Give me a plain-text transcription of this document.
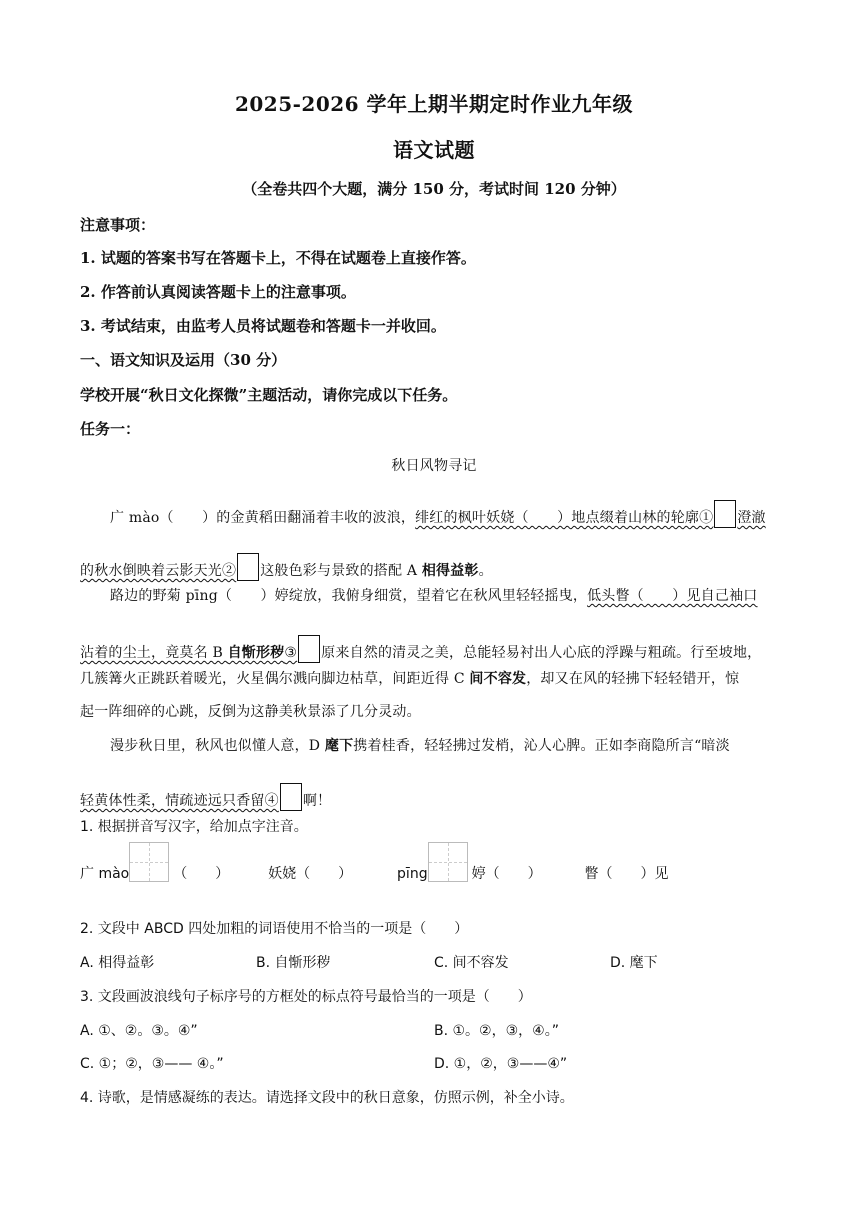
2025-2026 学年上期半期定时作业九年级
语文试题
（全卷共四个大题，满分 150 分，考试时间 120 分钟）
注意事项：
1. 试题的答案书写在答题卡上，不得在试题卷上直接作答。
2. 作答前认真阅读答题卡上的注意事项。
3. 考试结束，由监考人员将试题卷和答题卡一并收回。
一、语文知识及运用（30 分）
学校开展“秋日文化探微”主题活动，请你完成以下任务。
任务一：
秋日风物寻记
广 mào（　　）的金黄稻田翻涌着丰收的波浪，绯红的枫叶妖娆（　　）地点缀着山林的轮廓① 澄澈
的秋水倒映着云影天光② 这般色彩与景致的搭配 A 相得益彰。
路边的野菊 pīng（　　）婷绽放，我俯身细赏，望着它在秋风里轻轻摇曳，低头瞥（　　）见自己袖口
沾着的尘土，竟莫名 B 自惭形秽③ 原来自然的清灵之美，总能轻易衬出人心底的浮躁与粗疏。行至坡地，
几簇篝火正跳跃着暖光，火星偶尔溅向脚边枯草，间距近得 C 间不容发，却又在风的轻拂下轻轻错开，惊
起一阵细碎的心跳，反倒为这静美秋景添了几分灵动。
漫步秋日里，秋风也似懂人意，D 麾下携着桂香，轻轻拂过发梢，沁人心脾。正如李商隐所言“暗淡
轻黄体性柔，情疏迹远只香留④ 啊！
1. 根据拼音写汉字，给加点字注音。
广 mào	（　　）	妖娆（　　）	pīng	婷（　　）	瞥（　　）见
2. 文段中 ABCD 四处加粗的词语使用不恰当的一项是（　　）
A. 相得益彰	B. 自惭形秽	C. 间不容发	D. 麾下
3. 文段画波浪线句子标序号的方框处的标点符号最恰当的一项是（　　）
A. ①、②。③。④”	B. ①。②，③，④。”
C. ①；②，③—— ④。”	D. ①，②，③——④”
4. 诗歌，是情感凝练的表达。请选择文段中的秋日意象，仿照示例，补全小诗。
